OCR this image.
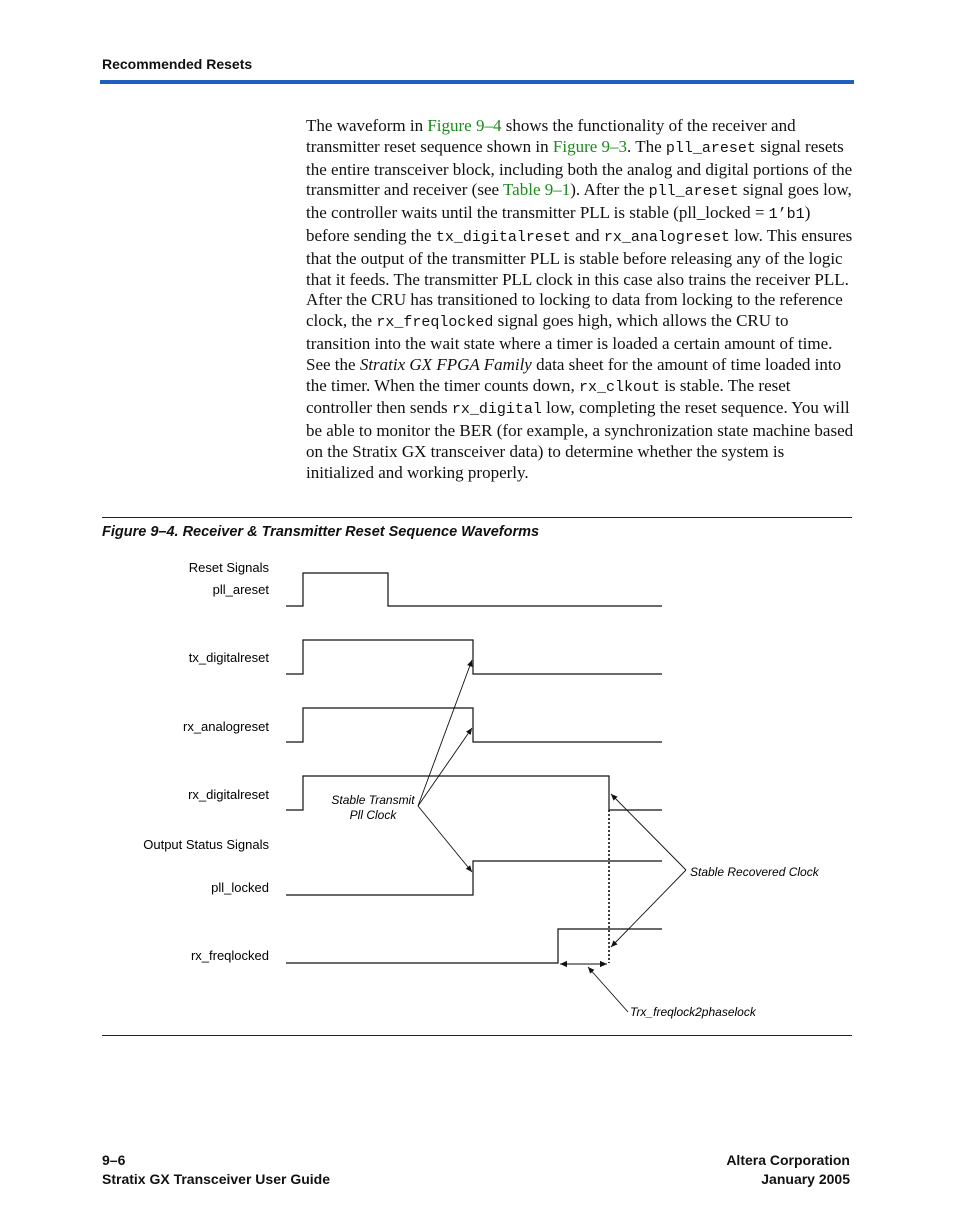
Recommended Resets

The waveform in Figure 9–4 shows the functionality of the receiver and transmitter reset sequence shown in Figure 9–3. The pll_areset signal resets the entire transceiver block, including both the analog and digital portions of the transmitter and receiver (see Table 9–1). After the pll_areset signal goes low, the controller waits until the transmitter PLL is stable (pll_locked = 1’b1) before sending the tx_digitalreset and rx_analogreset low. This ensures that the output of the transmitter PLL is stable before releasing any of the logic that it feeds. The transmitter PLL clock in this case also trains the receiver PLL. After the CRU has transitioned to locking to data from locking to the reference clock, the rx_freqlocked signal goes high, which allows the CRU to transition into the wait state where a timer is loaded a certain amount of time. See the Stratix GX FPGA Family data sheet for the amount of time loaded into the timer. When the timer counts down, rx_clkout is stable. The reset controller then sends rx_digital low, completing the reset sequence. You will be able to monitor the BER (for example, a synchronization state machine based on the Stratix GX transceiver data) to determine whether the system is initialized and working properly.

Figure 9–4. Receiver & Transmitter Reset Sequence Waveforms
Reset Signals
Output Status Signals
pll_areset
tx_digitalreset
rx_analogreset
rx_digitalreset
pll_locked
rx_freqlocked
Stable Transmit
Pll Clock
Stable Recovered Clock
Trx_freqlock2phaselock
9–6
Stratix GX Transceiver User Guide
Altera Corporation
January 2005
